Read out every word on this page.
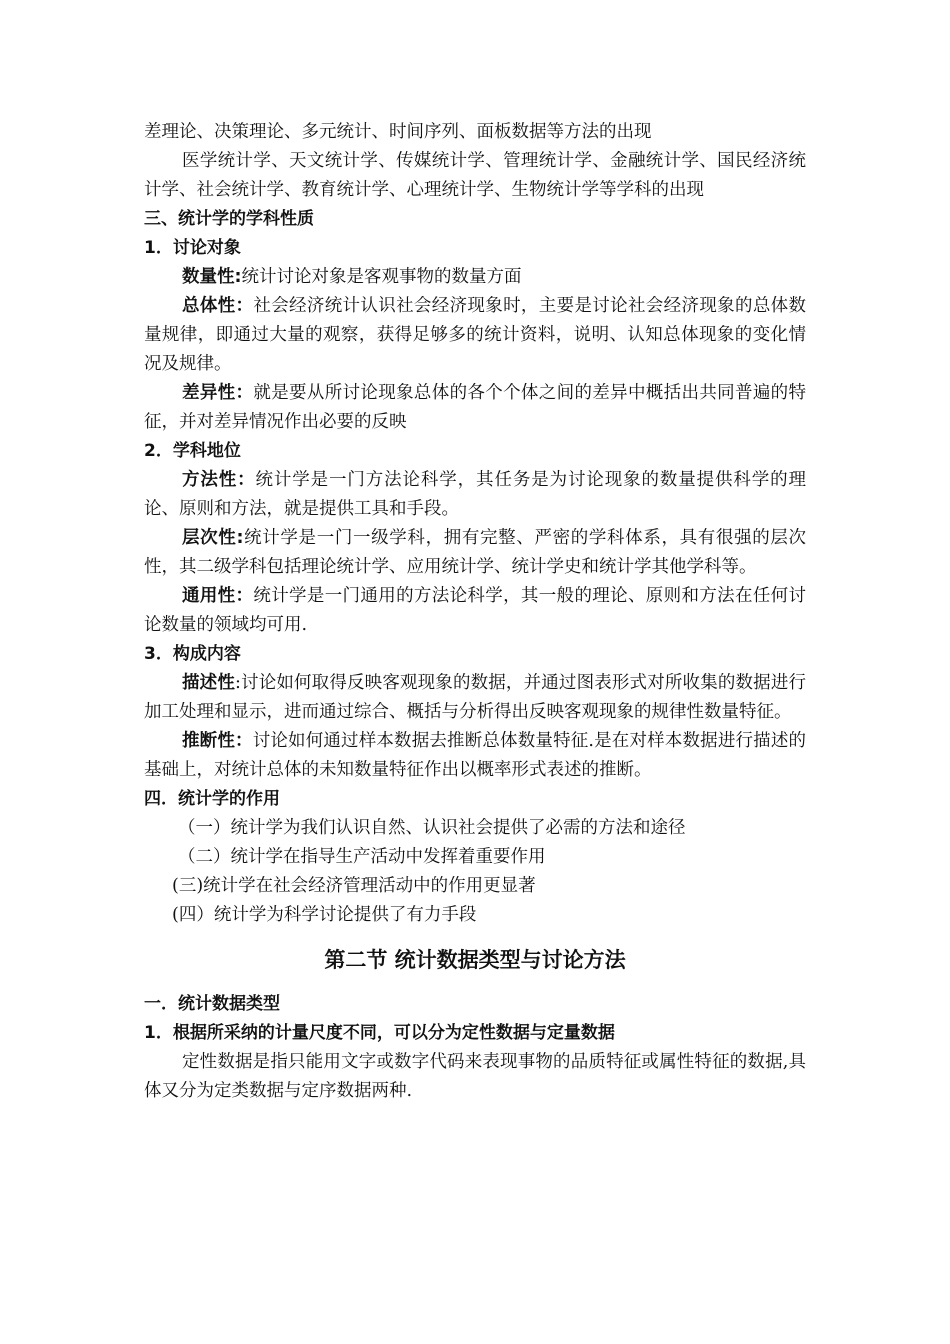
差理论、决策理论、多元统计、时间序列、面板数据等方法的出现

医学统计学、天文统计学、传媒统计学、管理统计学、金融统计学、国民经济统计学、社会统计学、教育统计学、心理统计学、生物统计学等学科的出现

三、统计学的学科性质

1．讨论对象

数量性:统计讨论对象是客观事物的数量方面

总体性：社会经济统计认识社会经济现象时，主要是讨论社会经济现象的总体数量规律，即通过大量的观察，获得足够多的统计资料，说明、认知总体现象的变化情况及规律。

差异性：就是要从所讨论现象总体的各个个体之间的差异中概括出共同普遍的特征，并对差异情况作出必要的反映

2．学科地位

方法性：统计学是一门方法论科学，其任务是为讨论现象的数量提供科学的理论、原则和方法，就是提供工具和手段。

层次性:统计学是一门一级学科，拥有完整、严密的学科体系，具有很强的层次性，其二级学科包括理论统计学、应用统计学、统计学史和统计学其他学科等。

通用性：统计学是一门通用的方法论科学，其一般的理论、原则和方法在任何讨论数量的领域均可用.

3．构成内容

描述性:讨论如何取得反映客观现象的数据，并通过图表形式对所收集的数据进行加工处理和显示，进而通过综合、概括与分析得出反映客观现象的规律性数量特征。

推断性：讨论如何通过样本数据去推断总体数量特征.是在对样本数据进行描述的基础上，对统计总体的未知数量特征作出以概率形式表述的推断。

四．统计学的作用

（一）统计学为我们认识自然、认识社会提供了必需的方法和途径

（二）统计学在指导生产活动中发挥着重要作用

(三)统计学在社会经济管理活动中的作用更显著

(四）统计学为科学讨论提供了有力手段

第二节 统计数据类型与讨论方法

一．统计数据类型

1．根据所采纳的计量尺度不同，可以分为定性数据与定量数据

定性数据是指只能用文字或数字代码来表现事物的品质特征或属性特征的数据,具体又分为定类数据与定序数据两种.
